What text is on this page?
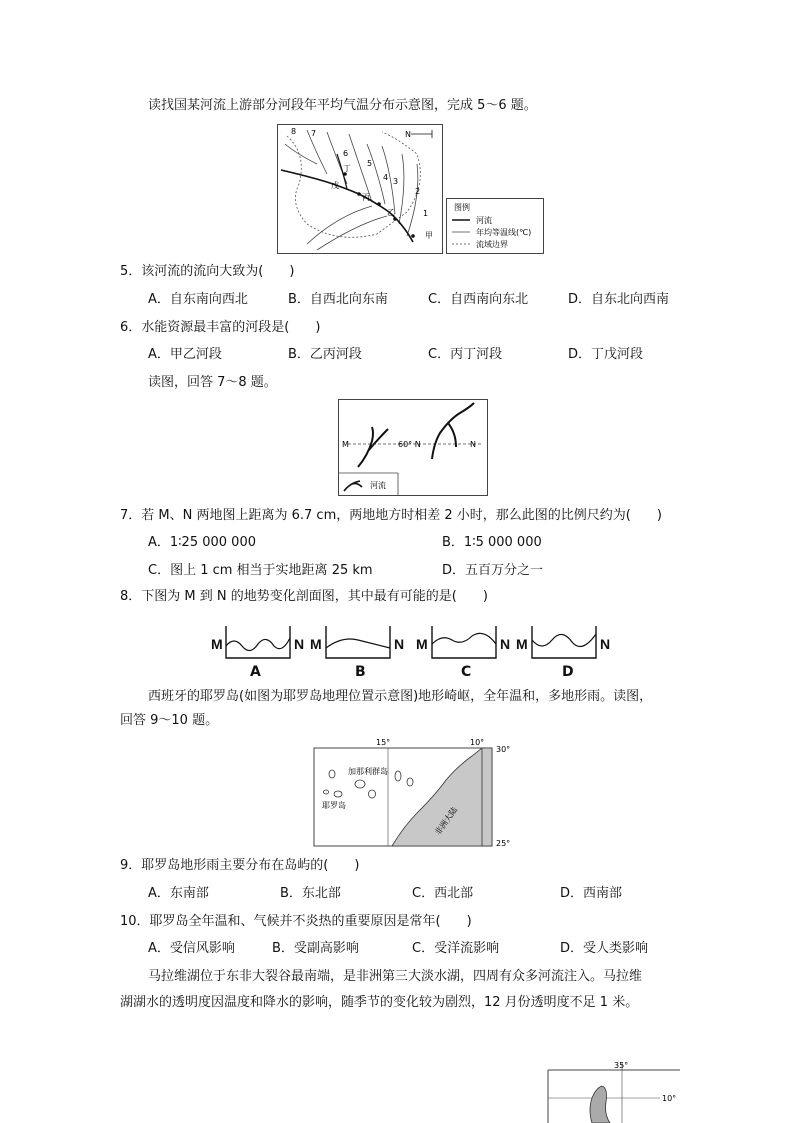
读找国某河流上游部分河段年平均气温分布示意图，完成 5～6 题。
N
戊
丁
丙
乙
甲
8 7
6
5
4 3
2
1
图例
河流
年均等温线(℃)
流域边界
5．该河流的流向大致为(　　)
A．自东南向西北	B．自西北向东南	C．自西南向东北	D．自东北向西南
6．水能资源最丰富的河段是(　　)
A．甲乙河段	B．乙丙河段	C．丙丁河段	D．丁戊河段
读图，回答 7～8 题。
M	60° N	N
河流
7．若 M、N 两地图上距离为 6.7 cm，两地地方时相差 2 小时，那么此图的比例尺约为(　　)
A．1∶25 000 000	B．1∶5 000 000
C．图上 1 cm 相当于实地距离 25 km	D．五百万分之一
8．下图为 M 到 N 的地势变化剖面图，其中最有可能的是(　　)
M	N M	N M	N M	N
A	B	C	D
西班牙的耶罗岛(如图为耶罗岛地理位置示意图)地形崎岖，全年温和，多地形雨。读图，
回答 9～10 题。
15°	10°
30°
25°
加那利群岛
耶罗岛	非洲大陆
9．耶罗岛地形雨主要分布在岛屿的(　　)
A．东南部	B．东北部	C．西北部	D．西南部
10．耶罗岛全年温和、气候并不炎热的重要原因是常年(　　)
A．受信风影响	B．受副高影响	C．受洋流影响	D．受人类影响
马拉维湖位于东非大裂谷最南端，是非洲第三大淡水湖，四周有众多河流注入。马拉维
湖湖水的透明度因温度和降水的影响，随季节的变化较为剧烈，12 月份透明度不足 1 米。
35°
10°
